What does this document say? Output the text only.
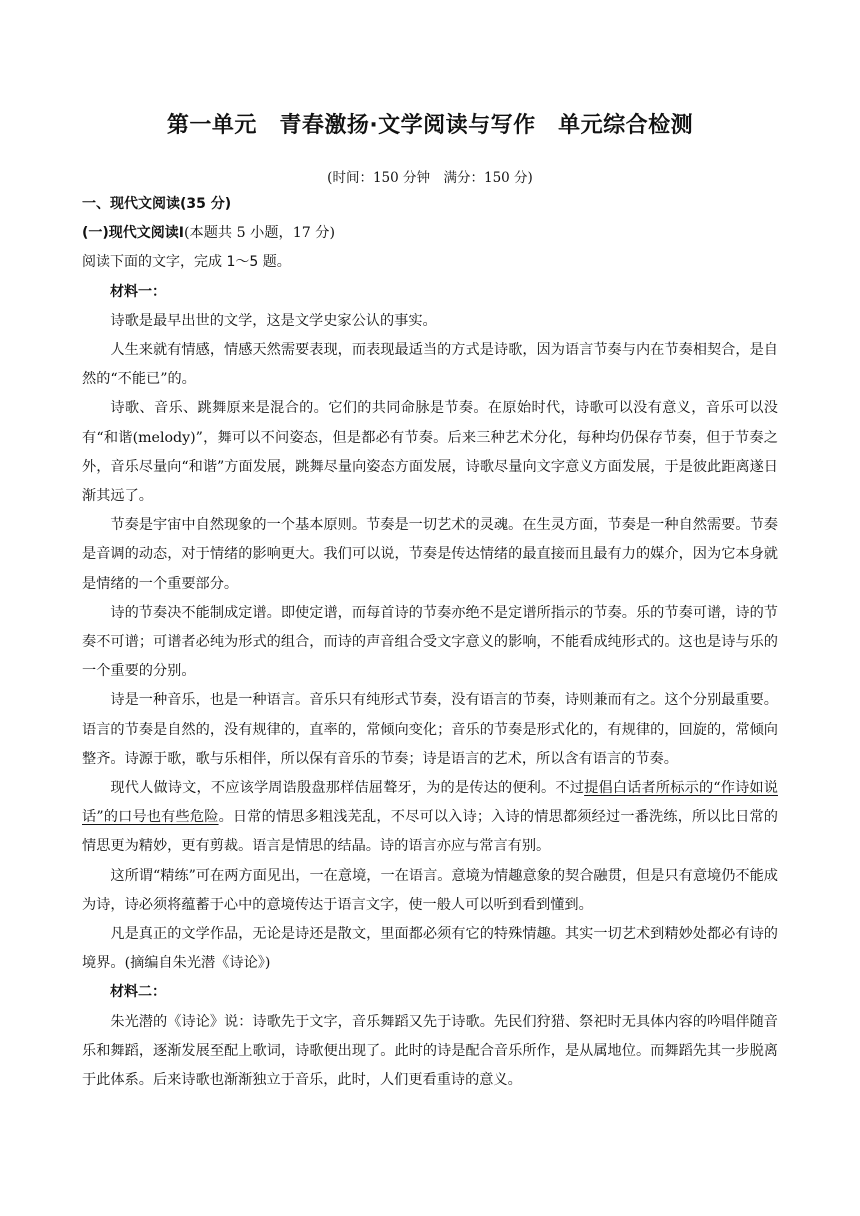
第一单元　青春激扬·文学阅读与写作　单元综合检测
(时间：150 分钟　满分：150 分)

一、现代文阅读(35 分)

(一)现代文阅读Ⅰ(本题共 5 小题，17 分)

阅读下面的文字，完成 1～5 题。

材料一：

诗歌是最早出世的文学，这是文学史家公认的事实。

人生来就有情感，情感天然需要表现，而表现最适当的方式是诗歌，因为语言节奏与内在节奏相契合，是自然的“不能已”的。

诗歌、音乐、跳舞原来是混合的。它们的共同命脉是节奏。在原始时代，诗歌可以没有意义，音乐可以没有“和谐(melody)”，舞可以不问姿态，但是都必有节奏。后来三种艺术分化，每种均仍保存节奏，但于节奏之外，音乐尽量向“和谐”方面发展，跳舞尽量向姿态方面发展，诗歌尽量向文字意义方面发展，于是彼此距离遂日渐其远了。

节奏是宇宙中自然现象的一个基本原则。节奏是一切艺术的灵魂。在生灵方面，节奏是一种自然需要。节奏是音调的动态，对于情绪的影响更大。我们可以说，节奏是传达情绪的最直接而且最有力的媒介，因为它本身就是情绪的一个重要部分。

诗的节奏决不能制成定谱。即使定谱，而每首诗的节奏亦绝不是定谱所指示的节奏。乐的节奏可谱，诗的节奏不可谱；可谱者必纯为形式的组合，而诗的声音组合受文字意义的影响，不能看成纯形式的。这也是诗与乐的一个重要的分别。

诗是一种音乐，也是一种语言。音乐只有纯形式节奏，没有语言的节奏，诗则兼而有之。这个分别最重要。语言的节奏是自然的，没有规律的，直率的，常倾向变化；音乐的节奏是形式化的，有规律的，回旋的，常倾向整齐。诗源于歌，歌与乐相伴，所以保有音乐的节奏；诗是语言的艺术，所以含有语言的节奏。

现代人做诗文，不应该学周诰殷盘那样佶屈聱牙，为的是传达的便利。不过提倡白话者所标示的“作诗如说话”的口号也有些危险。日常的情思多粗浅芜乱，不尽可以入诗；入诗的情思都须经过一番洗练，所以比日常的情思更为精妙，更有剪裁。语言是情思的结晶。诗的语言亦应与常言有别。

这所谓“精练”可在两方面见出，一在意境，一在语言。意境为情趣意象的契合融贯，但是只有意境仍不能成为诗，诗必须将蕴蓄于心中的意境传达于语言文字，使一般人可以听到看到懂到。

凡是真正的文学作品，无论是诗还是散文，里面都必须有它的特殊情趣。其实一切艺术到精妙处都必有诗的境界。(摘编自朱光潜《诗论》)

材料二：

朱光潜的《诗论》说：诗歌先于文字，音乐舞蹈又先于诗歌。先民们狩猎、祭祀时无具体内容的吟唱伴随音乐和舞蹈，逐渐发展至配上歌词，诗歌便出现了。此时的诗是配合音乐所作，是从属地位。而舞蹈先其一步脱离于此体系。后来诗歌也渐渐独立于音乐，此时，人们更看重诗的意义。
